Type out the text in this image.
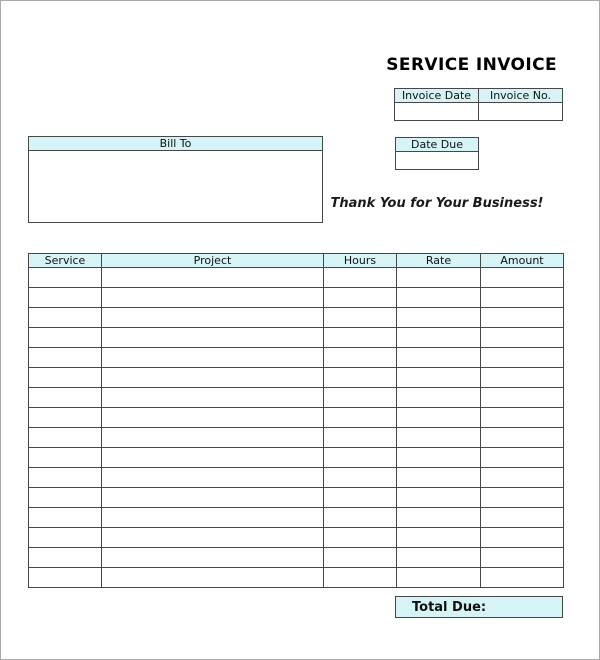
SERVICE INVOICE
Invoice Date	Invoice No.

Bill To	Date Due
Thank You for Your Business!
Service	Project	Hours	Rate	Amount

Total Due:
